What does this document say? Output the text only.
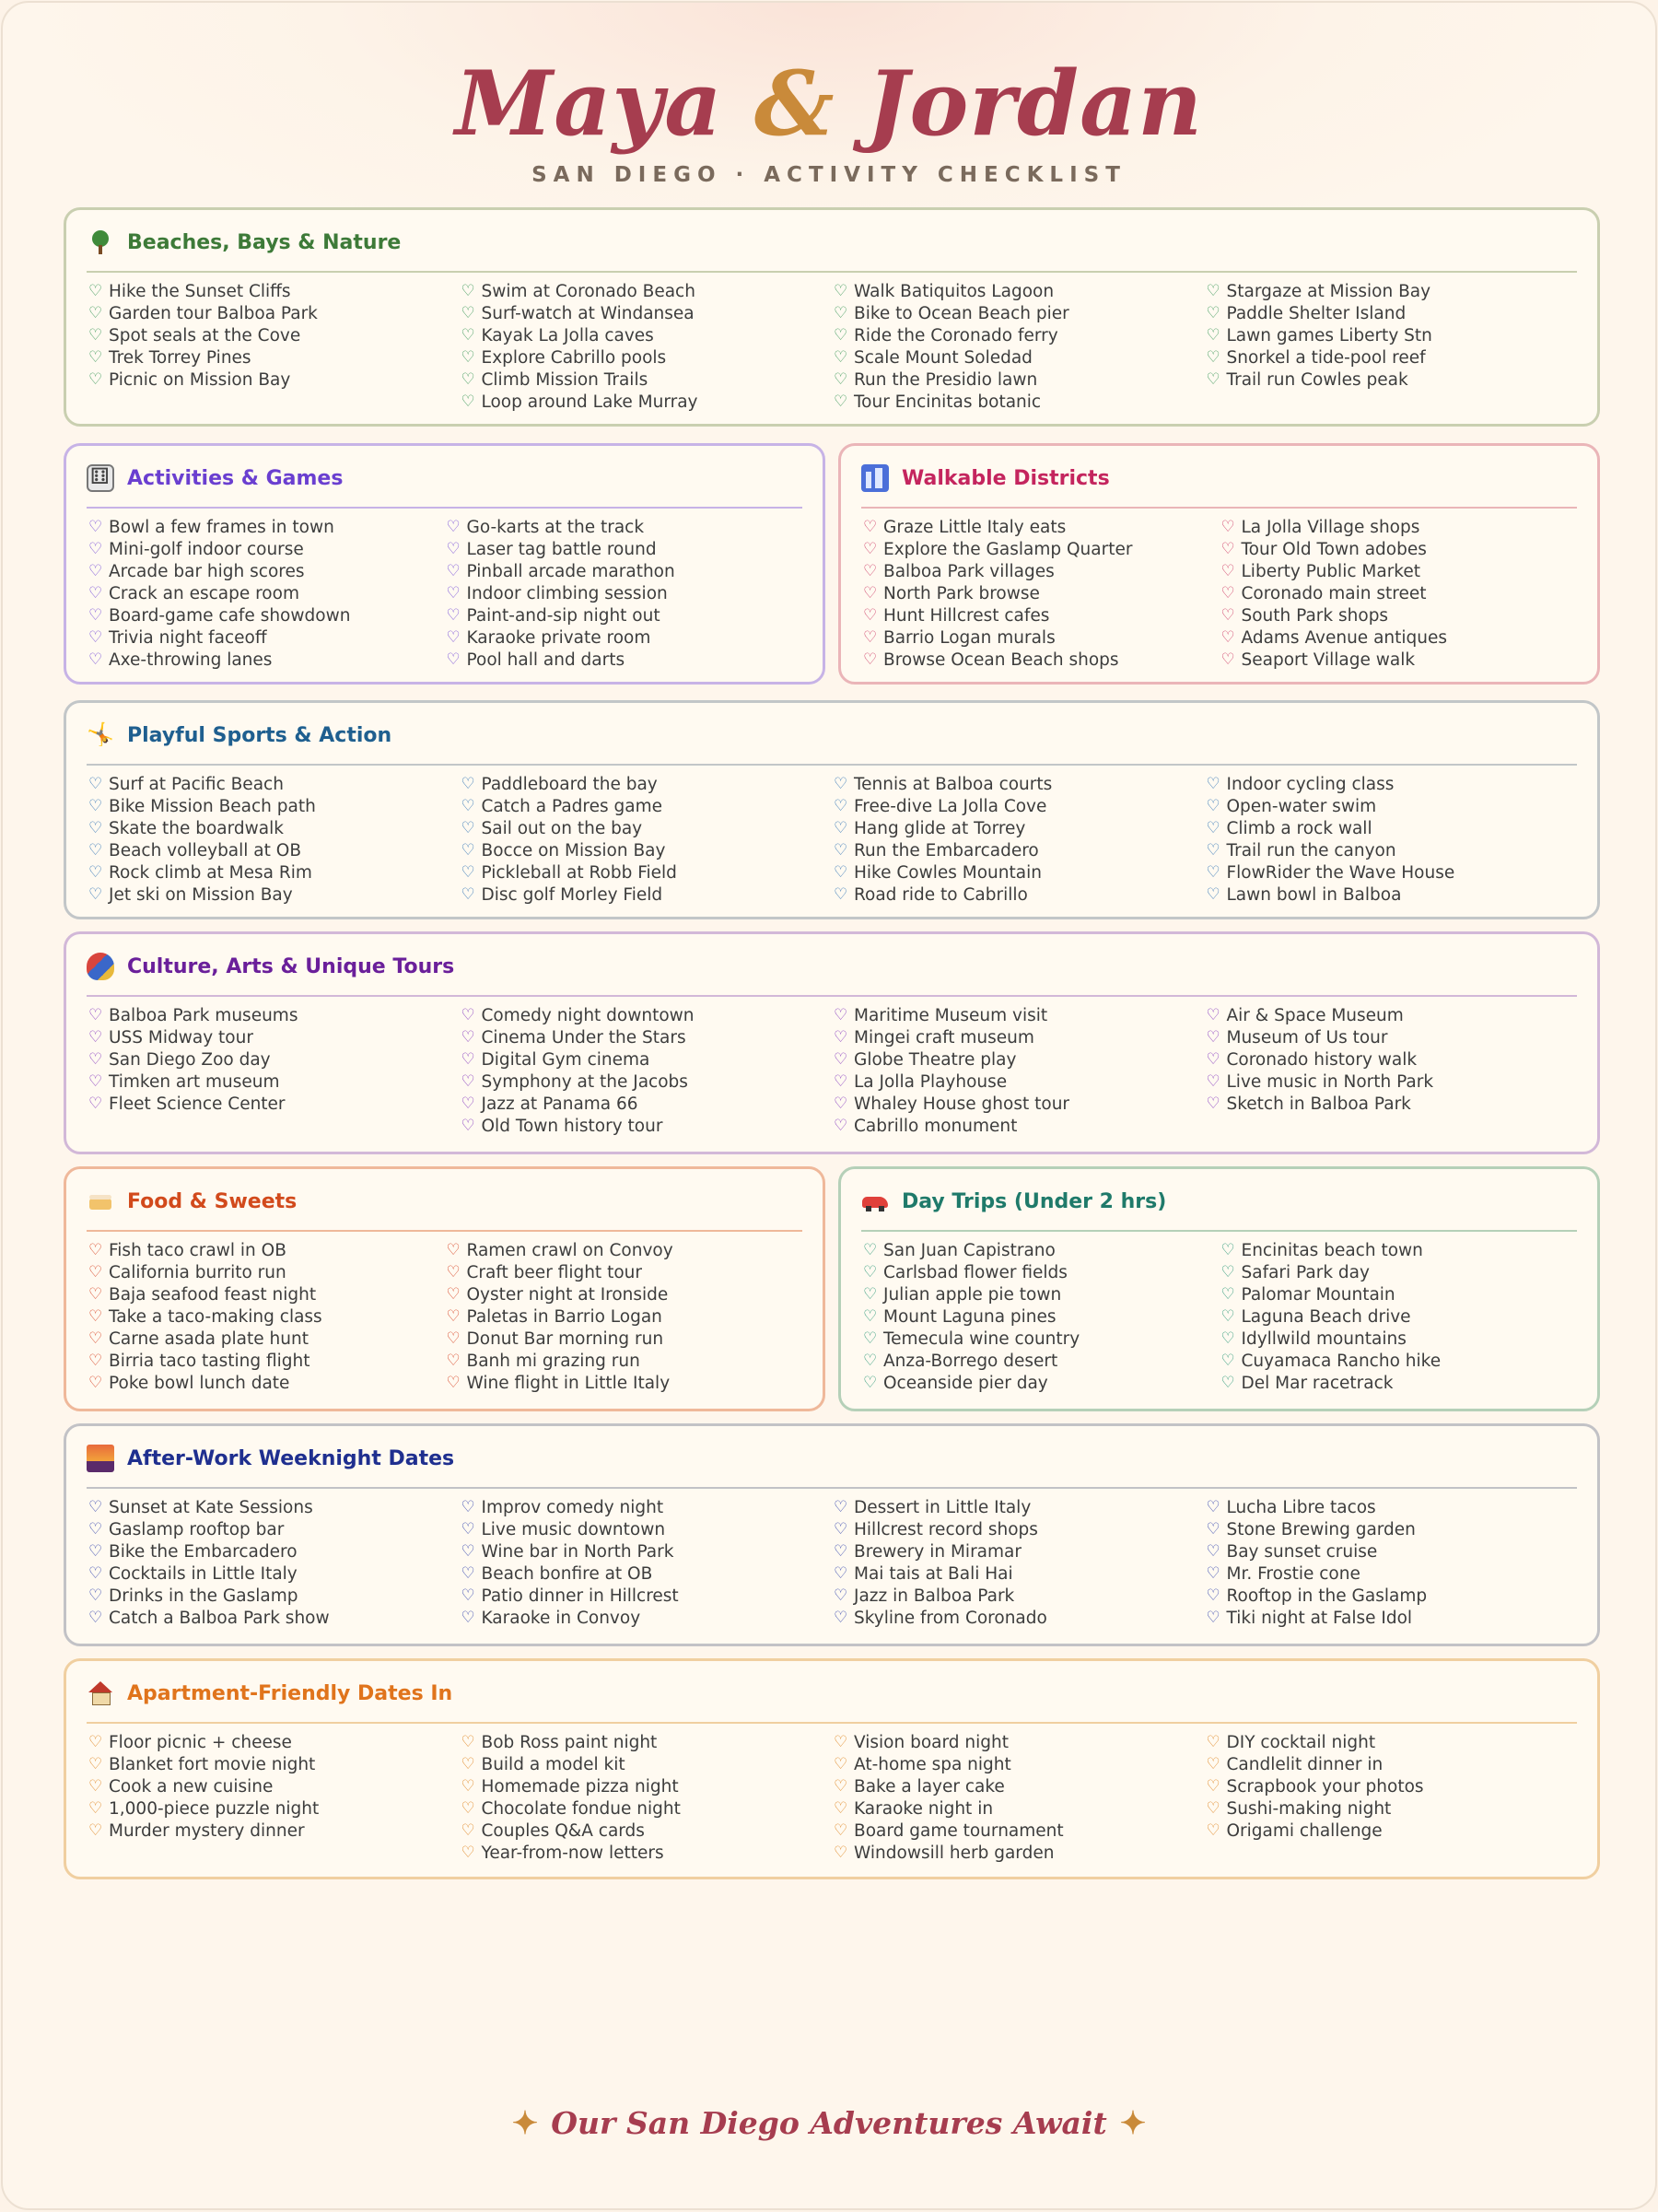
Maya & Jordan
SAN DIEGO · ACTIVITY CHECKLIST
Beaches, Bays & Nature
♡ Hike the Sunset Cliffs
♡ Garden tour Balboa Park
♡ Spot seals at the Cove
♡ Trek Torrey Pines
♡ Picnic on Mission Bay
♡ Swim at Coronado Beach
♡ Surf-watch at Windansea
♡ Kayak La Jolla caves
♡ Explore Cabrillo pools
♡ Climb Mission Trails
♡ Loop around Lake Murray
♡ Walk Batiquitos Lagoon
♡ Bike to Ocean Beach pier
♡ Ride the Coronado ferry
♡ Scale Mount Soledad
♡ Run the Presidio lawn
♡ Tour Encinitas botanic
♡ Stargaze at Mission Bay
♡ Paddle Shelter Island
♡ Lawn games Liberty Stn
♡ Snorkel a tide-pool reef
♡ Trail run Cowles peak
⚅
Activities & Games
♡ Bowl a few frames in town
♡ Mini-golf indoor course
♡ Arcade bar high scores
♡ Crack an escape room
♡ Board-game cafe showdown
♡ Trivia night faceoff
♡ Axe-throwing lanes
♡ Go-karts at the track
♡ Laser tag battle round
♡ Pinball arcade marathon
♡ Indoor climbing session
♡ Paint-and-sip night out
♡ Karaoke private room
♡ Pool hall and darts
Walkable Districts
♡ Graze Little Italy eats
♡ Explore the Gaslamp Quarter
♡ Balboa Park villages
♡ North Park browse
♡ Hunt Hillcrest cafes
♡ Barrio Logan murals
♡ Browse Ocean Beach shops
♡ La Jolla Village shops
♡ Tour Old Town adobes
♡ Liberty Public Market
♡ Coronado main street
♡ South Park shops
♡ Adams Avenue antiques
♡ Seaport Village walk
🤸
Playful Sports & Action
♡ Surf at Pacific Beach
♡ Bike Mission Beach path
♡ Skate the boardwalk
♡ Beach volleyball at OB
♡ Rock climb at Mesa Rim
♡ Jet ski on Mission Bay
♡ Paddleboard the bay
♡ Catch a Padres game
♡ Sail out on the bay
♡ Bocce on Mission Bay
♡ Pickleball at Robb Field
♡ Disc golf Morley Field
♡ Tennis at Balboa courts
♡ Free-dive La Jolla Cove
♡ Hang glide at Torrey
♡ Run the Embarcadero
♡ Hike Cowles Mountain
♡ Road ride to Cabrillo
♡ Indoor cycling class
♡ Open-water swim
♡ Climb a rock wall
♡ Trail run the canyon
♡ FlowRider the Wave House
♡ Lawn bowl in Balboa
Culture, Arts & Unique Tours
♡ Balboa Park museums
♡ USS Midway tour
♡ San Diego Zoo day
♡ Timken art museum
♡ Fleet Science Center
♡ Comedy night downtown
♡ Cinema Under the Stars
♡ Digital Gym cinema
♡ Symphony at the Jacobs
♡ Jazz at Panama 66
♡ Old Town history tour
♡ Maritime Museum visit
♡ Mingei craft museum
♡ Globe Theatre play
♡ La Jolla Playhouse
♡ Whaley House ghost tour
♡ Cabrillo monument
♡ Air & Space Museum
♡ Museum of Us tour
♡ Coronado history walk
♡ Live music in North Park
♡ Sketch in Balboa Park
Food & Sweets
♡ Fish taco crawl in OB
♡ California burrito run
♡ Baja seafood feast night
♡ Take a taco-making class
♡ Carne asada plate hunt
♡ Birria taco tasting flight
♡ Poke bowl lunch date
♡ Ramen crawl on Convoy
♡ Craft beer flight tour
♡ Oyster night at Ironside
♡ Paletas in Barrio Logan
♡ Donut Bar morning run
♡ Banh mi grazing run
♡ Wine flight in Little Italy
Day Trips (Under 2 hrs)
♡ San Juan Capistrano
♡ Carlsbad flower fields
♡ Julian apple pie town
♡ Mount Laguna pines
♡ Temecula wine country
♡ Anza-Borrego desert
♡ Oceanside pier day
♡ Encinitas beach town
♡ Safari Park day
♡ Palomar Mountain
♡ Laguna Beach drive
♡ Idyllwild mountains
♡ Cuyamaca Rancho hike
♡ Del Mar racetrack
After-Work Weeknight Dates
♡ Sunset at Kate Sessions
♡ Gaslamp rooftop bar
♡ Bike the Embarcadero
♡ Cocktails in Little Italy
♡ Drinks in the Gaslamp
♡ Catch a Balboa Park show
♡ Improv comedy night
♡ Live music downtown
♡ Wine bar in North Park
♡ Beach bonfire at OB
♡ Patio dinner in Hillcrest
♡ Karaoke in Convoy
♡ Dessert in Little Italy
♡ Hillcrest record shops
♡ Brewery in Miramar
♡ Mai tais at Bali Hai
♡ Jazz in Balboa Park
♡ Skyline from Coronado
♡ Lucha Libre tacos
♡ Stone Brewing garden
♡ Bay sunset cruise
♡ Mr. Frostie cone
♡ Rooftop in the Gaslamp
♡ Tiki night at False Idol
Apartment-Friendly Dates In
♡ Floor picnic + cheese
♡ Blanket fort movie night
♡ Cook a new cuisine
♡ 1,000-piece puzzle night
♡ Murder mystery dinner
♡ Bob Ross paint night
♡ Build a model kit
♡ Homemade pizza night
♡ Chocolate fondue night
♡ Couples Q&A cards
♡ Year-from-now letters
♡ Vision board night
♡ At-home spa night
♡ Bake a layer cake
♡ Karaoke night in
♡ Board game tournament
♡ Windowsill herb garden
♡ DIY cocktail night
♡ Candlelit dinner in
♡ Scrapbook your photos
♡ Sushi-making night
♡ Origami challenge
✦ Our San Diego Adventures Await ✦
